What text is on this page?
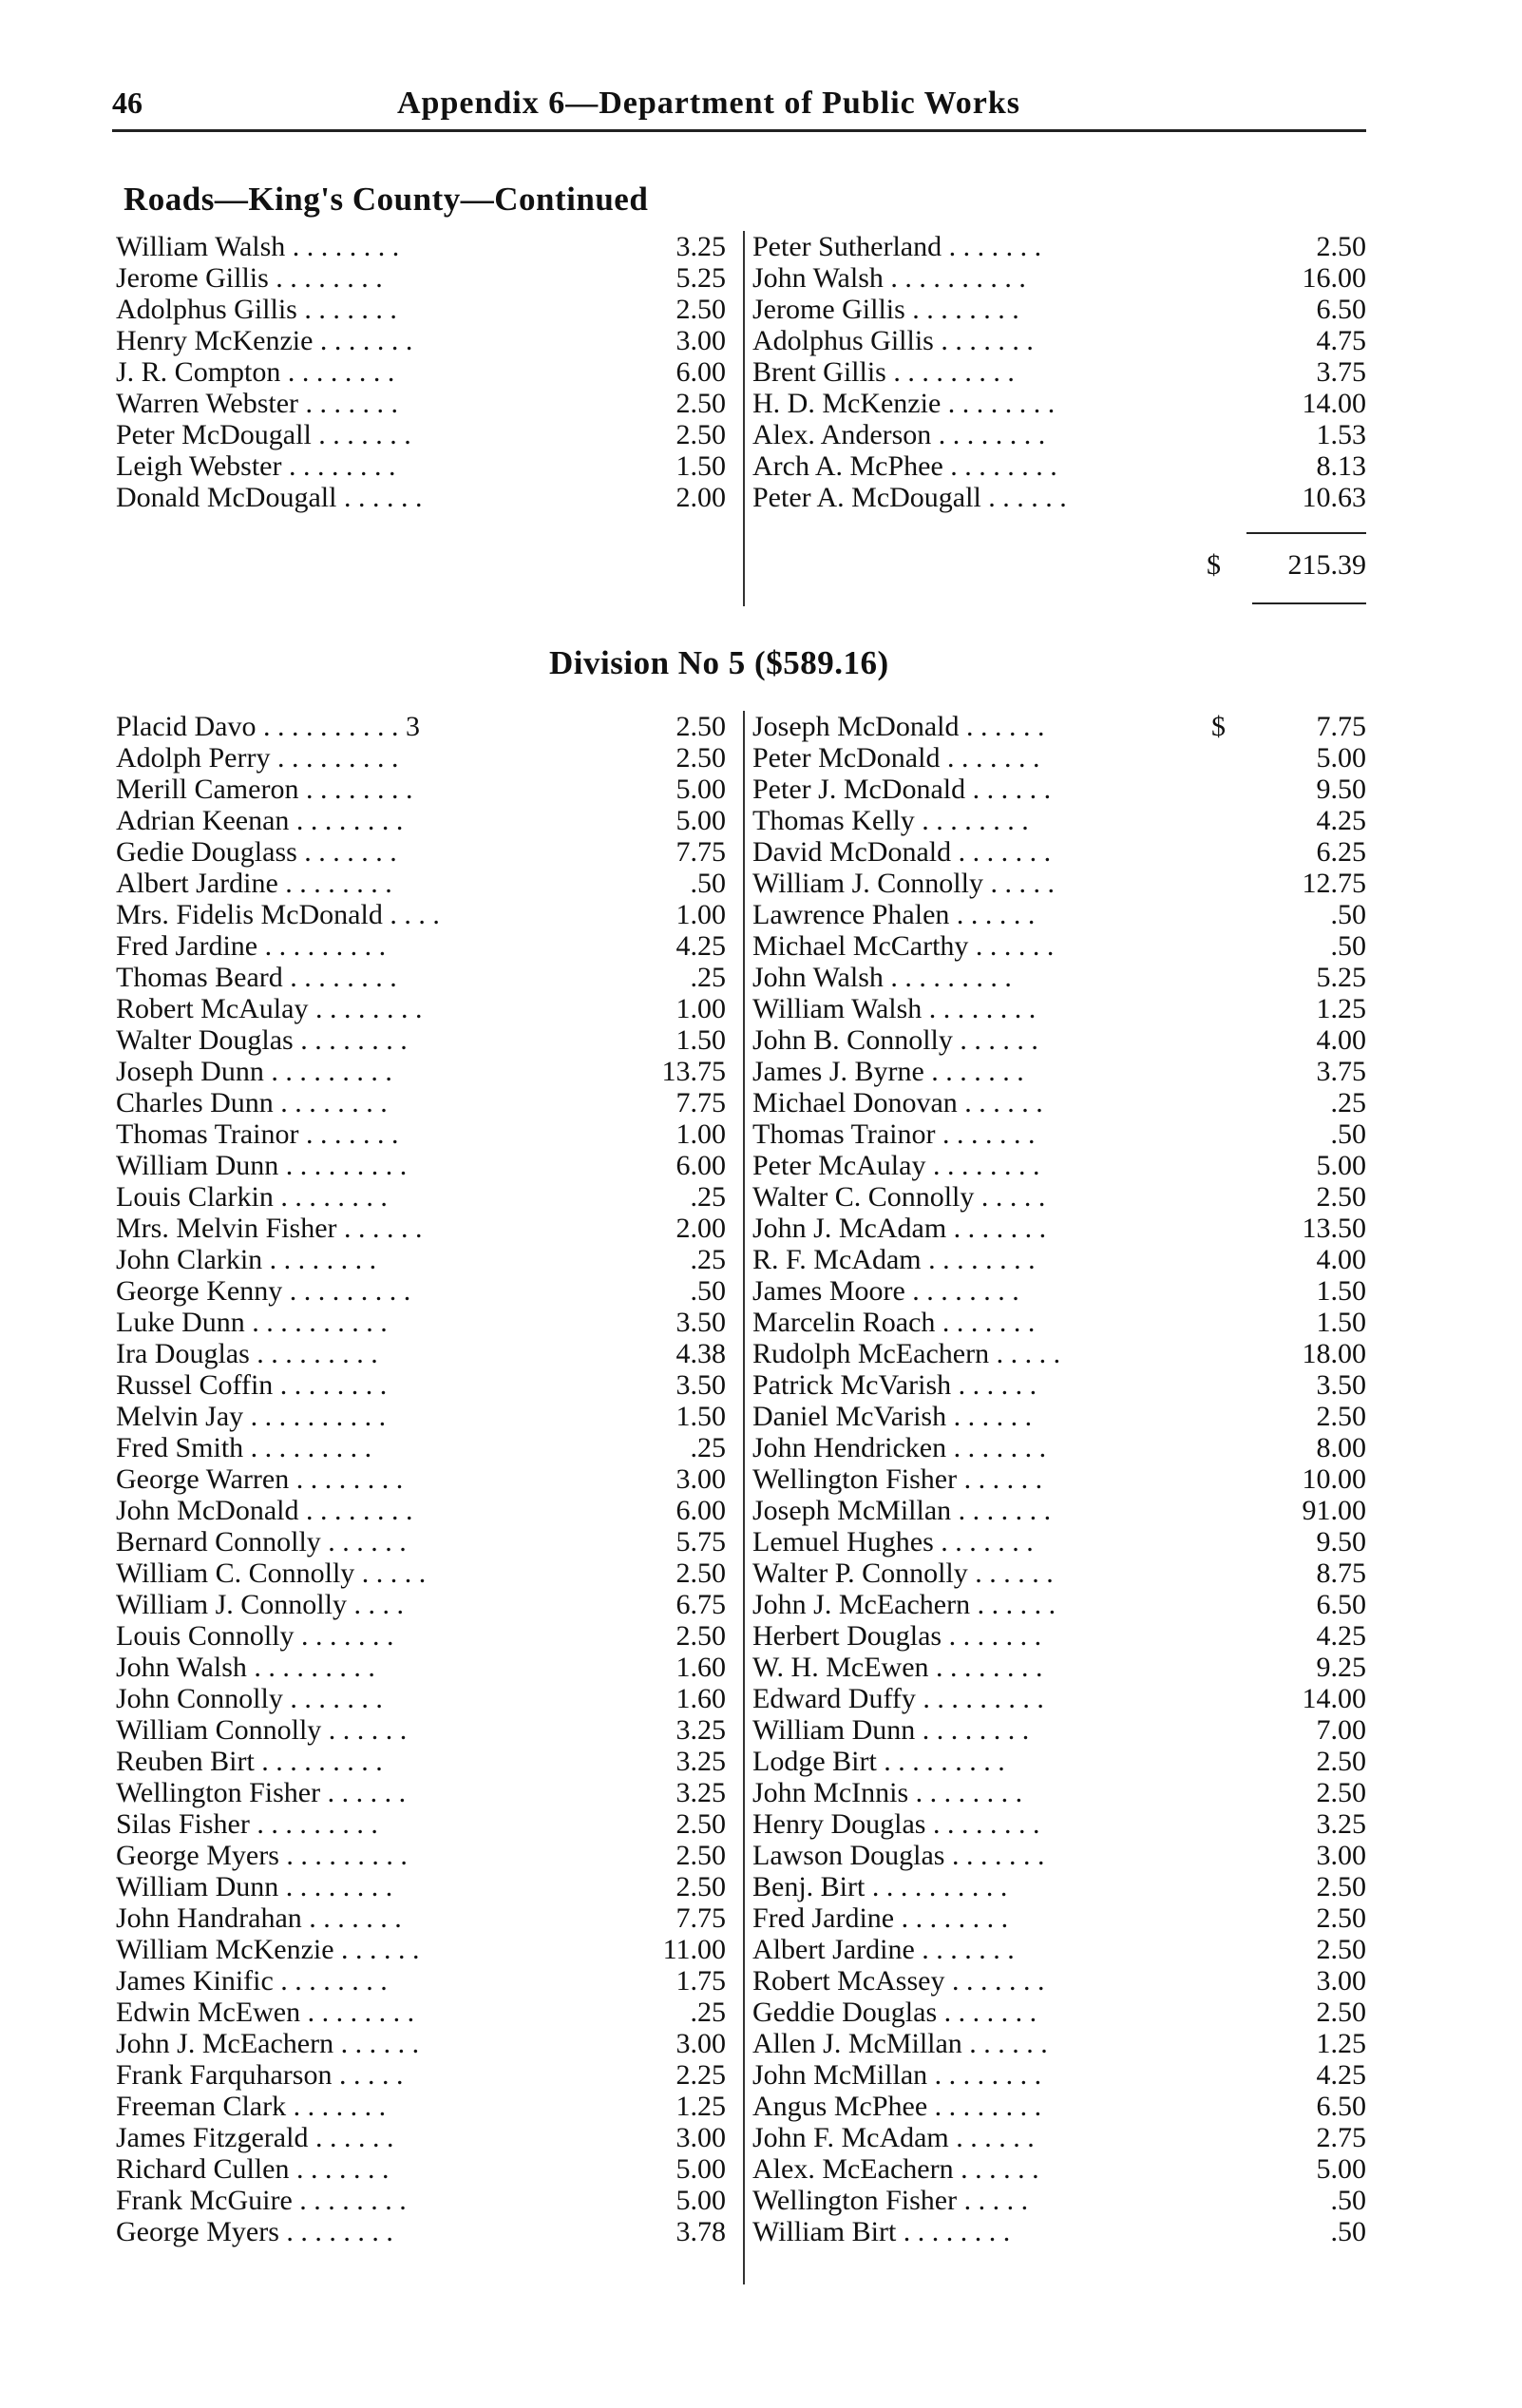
46	Appendix 6—Department of Public Works
Roads—King's County—Continued
William Walsh . . . . . . . .	3.25
Jerome Gillis . . . . . . . .	5.25
Adolphus Gillis . . . . . . .	2.50
Henry McKenzie . . . . . . .	3.00
J. R. Compton . . . . . . . .	6.00
Warren Webster . . . . . . .	2.50
Peter McDougall . . . . . . .	2.50
Leigh Webster . . . . . . . .	1.50
Donald McDougall . . . . . .	2.00
Peter Sutherland . . . . . . .	2.50
John Walsh . . . . . . . . . .	16.00
Jerome Gillis . . . . . . . .	6.50
Adolphus Gillis . . . . . . .	4.75
Brent Gillis . . . . . . . . .	3.75
H. D. McKenzie . . . . . . . .	14.00
Alex. Anderson . . . . . . . .	1.53
Arch A. McPhee . . . . . . . .	8.13
Peter A. McDougall . . . . . .	10.63
$ 215.39
Division No 5 ($589.16)
Placid Davo . . . . . . . . . . 3	2.50
Adolph Perry . . . . . . . . .	2.50
Merill Cameron . . . . . . . .	5.00
Adrian Keenan . . . . . . . .	5.00
Gedie Douglass . . . . . . .	7.75
Albert Jardine . . . . . . . .	.50
Mrs. Fidelis McDonald . . . .	1.00
Fred Jardine . . . . . . . . .	4.25
Thomas Beard . . . . . . . .	.25
Robert McAulay . . . . . . . .	1.00
Walter Douglas . . . . . . . .	1.50
Joseph Dunn . . . . . . . . .	13.75
Charles Dunn . . . . . . . .	7.75
Thomas Trainor . . . . . . .	1.00
William Dunn . . . . . . . . .	6.00
Louis Clarkin . . . . . . . .	.25
Mrs. Melvin Fisher . . . . . .	2.00
John Clarkin . . . . . . . .	.25
George Kenny . . . . . . . . .	.50
Luke Dunn . . . . . . . . . .	3.50
Ira Douglas . . . . . . . . .	4.38
Russel Coffin . . . . . . . .	3.50
Melvin Jay . . . . . . . . . .	1.50
Fred Smith . . . . . . . . .	.25
George Warren . . . . . . . .	3.00
John McDonald . . . . . . . .	6.00
Bernard Connolly . . . . . .	5.75
William C. Connolly . . . . .	2.50
William J. Connolly . . . .	6.75
Louis Connolly . . . . . . .	2.50
John Walsh . . . . . . . . .	1.60
John Connolly . . . . . . .	1.60
William Connolly . . . . . .	3.25
Reuben Birt . . . . . . . . .	3.25
Wellington Fisher . . . . . .	3.25
Silas Fisher . . . . . . . . .	2.50
George Myers . . . . . . . . .	2.50
William Dunn . . . . . . . .	2.50
John Handrahan . . . . . . .	7.75
William McKenzie . . . . . .	11.00
James Kinific . . . . . . . .	1.75
Edwin McEwen . . . . . . . .	.25
John J. McEachern . . . . . .	3.00
Frank Farquharson . . . . .	2.25
Freeman Clark . . . . . . .	1.25
James Fitzgerald . . . . . .	3.00
Richard Cullen . . . . . . .	5.00
Frank McGuire . . . . . . . .	5.00
George Myers . . . . . . . .	3.78
Joseph McDonald . . . . . .	$	7.75
Peter McDonald . . . . . . .	5.00
Peter J. McDonald . . . . . .	9.50
Thomas Kelly . . . . . . . .	4.25
David McDonald . . . . . . .	6.25
William J. Connolly . . . . .	12.75
Lawrence Phalen . . . . . .	.50
Michael McCarthy . . . . . .	.50
John Walsh . . . . . . . . .	5.25
William Walsh . . . . . . . .	1.25
John B. Connolly . . . . . .	4.00
James J. Byrne . . . . . . .	3.75
Michael Donovan . . . . . .	.25
Thomas Trainor . . . . . . .	.50
Peter McAulay . . . . . . . .	5.00
Walter C. Connolly . . . . .	2.50
John J. McAdam . . . . . . .	13.50
R. F. McAdam . . . . . . . .	4.00
James Moore . . . . . . . .	1.50
Marcelin Roach . . . . . . .	1.50
Rudolph McEachern . . . . .	18.00
Patrick McVarish . . . . . .	3.50
Daniel McVarish . . . . . .	2.50
John Hendricken . . . . . . .	8.00
Wellington Fisher . . . . . .	10.00
Joseph McMillan . . . . . . .	91.00
Lemuel Hughes . . . . . . .	9.50
Walter P. Connolly . . . . . .	8.75
John J. McEachern . . . . . .	6.50
Herbert Douglas . . . . . . .	4.25
W. H. McEwen . . . . . . . .	9.25
Edward Duffy . . . . . . . . .	14.00
William Dunn . . . . . . . .	7.00
Lodge Birt . . . . . . . . .	2.50
John McInnis . . . . . . . .	2.50
Henry Douglas . . . . . . . .	3.25
Lawson Douglas . . . . . . .	3.00
Benj. Birt . . . . . . . . . .	2.50
Fred Jardine . . . . . . . .	2.50
Albert Jardine . . . . . . .	2.50
Robert McAssey . . . . . . .	3.00
Geddie Douglas . . . . . . .	2.50
Allen J. McMillan . . . . . .	1.25
John McMillan . . . . . . . .	4.25
Angus McPhee . . . . . . . .	6.50
John F. McAdam . . . . . .	2.75
Alex. McEachern . . . . . .	5.00
Wellington Fisher . . . . .	.50
William Birt . . . . . . . .	.50
